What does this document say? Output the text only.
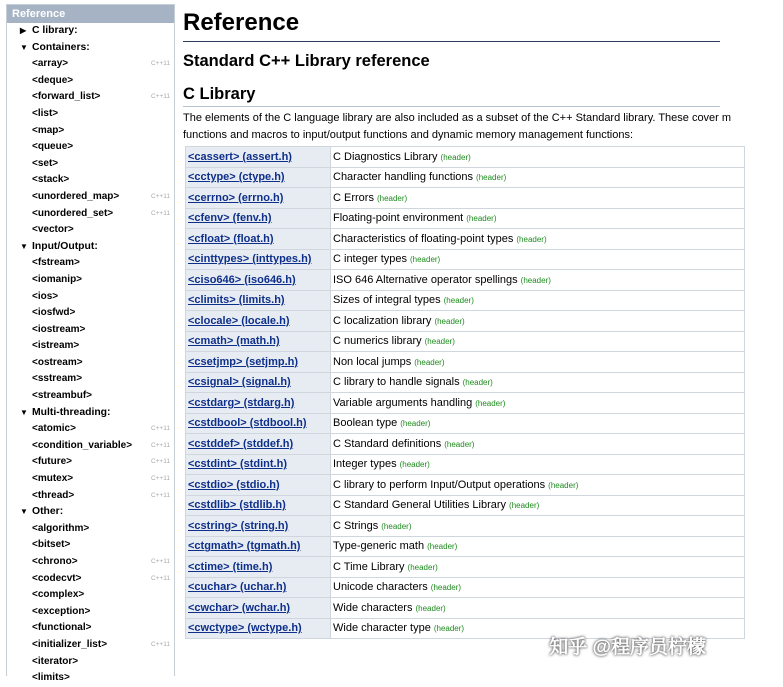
Reference
▶ C library:
▼ Containers:
<array>	C++11
<deque>
<forward_list>	C++11
<list>
<map>
<queue>
<set>
<stack>
<unordered_map>	C++11
<unordered_set>	C++11
<vector>
▼ Input/Output:
<fstream>
<iomanip>
<ios>
<iosfwd>
<iostream>
<istream>
<ostream>
<sstream>
<streambuf>
▼ Multi-threading:
<atomic>	C++11
<condition_variable>	C++11
<future>	C++11
<mutex>	C++11
<thread>	C++11
▼ Other:
<algorithm>
<bitset>
<chrono>	C++11
<codecvt>	C++11
<complex>
<exception>
<functional>
<initializer_list>	C++11
<iterator>
<limits>
Reference
Standard C++ Library reference
C Library
The elements of the C language library are also included as a subset of the C++ Standard library. These cover m
functions and macros to input/output functions and dynamic memory management functions:
<cassert> (assert.h)	C Diagnostics Library (header)
<cctype> (ctype.h)	Character handling functions (header)
<cerrno> (errno.h)	C Errors (header)
<cfenv> (fenv.h)	Floating-point environment (header)
<cfloat> (float.h)	Characteristics of floating-point types (header)
<cinttypes> (inttypes.h)	C integer types (header)
<ciso646> (iso646.h)	ISO 646 Alternative operator spellings (header)
<climits> (limits.h)	Sizes of integral types (header)
<clocale> (locale.h)	C localization library (header)
<cmath> (math.h)	C numerics library (header)
<csetjmp> (setjmp.h)	Non local jumps (header)
<csignal> (signal.h)	C library to handle signals (header)
<cstdarg> (stdarg.h)	Variable arguments handling (header)
<cstdbool> (stdbool.h)	Boolean type (header)
<cstddef> (stddef.h)	C Standard definitions (header)
<cstdint> (stdint.h)	Integer types (header)
<cstdio> (stdio.h)	C library to perform Input/Output operations (header)
<cstdlib> (stdlib.h)	C Standard General Utilities Library (header)
<cstring> (string.h)	C Strings (header)
<ctgmath> (tgmath.h)	Type-generic math (header)
<ctime> (time.h)	C Time Library (header)
<cuchar> (uchar.h)	Unicode characters (header)
<cwchar> (wchar.h)	Wide characters (header)
<cwctype> (wctype.h)	Wide character type (header)
知乎 @程序员柠檬
